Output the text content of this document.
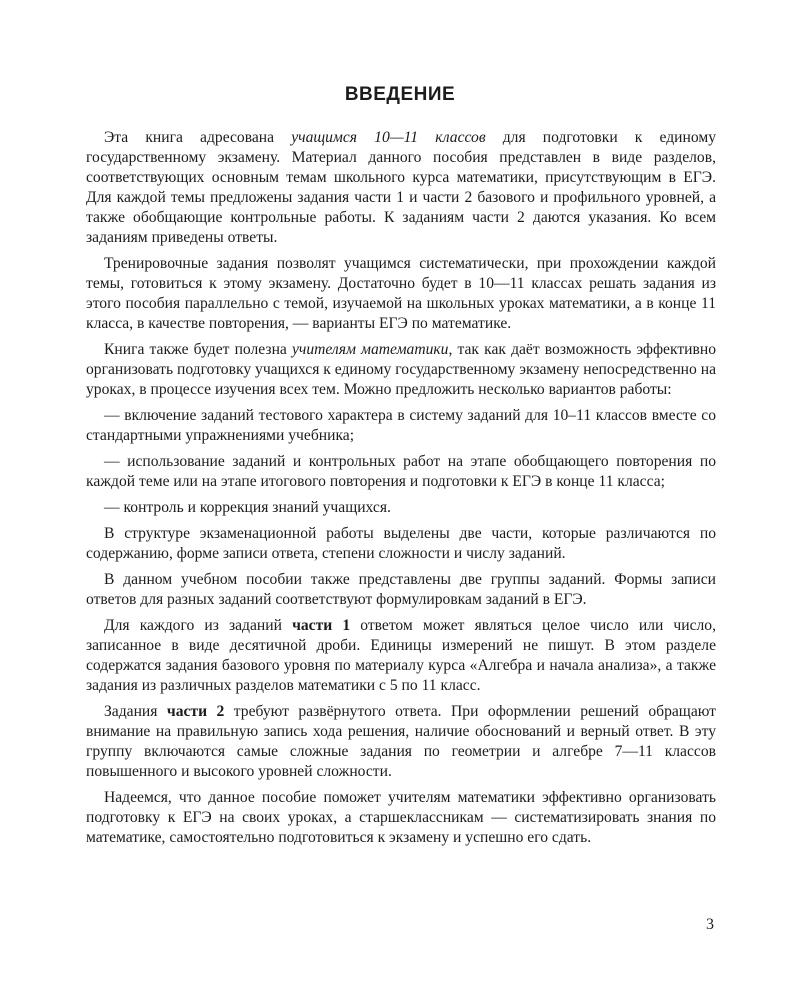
ВВЕДЕНИЕ

Эта книга адресована учащимся 10—11 классов для подготовки к единому государственному экзамену. Материал данного пособия представлен в виде разделов, соответствующих основным темам школьного курса математики, присутствующим в ЕГЭ. Для каждой темы предложены задания части 1 и части 2 базового и профильного уровней, а также обобщающие контрольные работы. К заданиям части 2 даются указания. Ко всем заданиям приведены ответы.

Тренировочные задания позволят учащимся систематически, при прохождении каждой темы, готовиться к этому экзамену. Достаточно будет в 10—11 классах решать задания из этого пособия параллельно с темой, изучаемой на школьных уроках математики, а в конце 11 класса, в качестве повторения, — варианты ЕГЭ по математике.

Книга также будет полезна учителям математики, так как даёт возможность эффективно организовать подготовку учащихся к единому государственному экзамену непосредственно на уроках, в процессе изучения всех тем. Можно предложить несколько вариантов работы:

— включение заданий тестового характера в систему заданий для 10–11 классов вместе со стандартными упражнениями учебника;

— использование заданий и контрольных работ на этапе обобщающего повторения по каждой теме или на этапе итогового повторения и подготовки к ЕГЭ в конце 11 класса;

— контроль и коррекция знаний учащихся.

В структуре экзаменационной работы выделены две части, которые различаются по содержанию, форме записи ответа, степени сложности и числу заданий.

В данном учебном пособии также представлены две группы заданий. Формы записи ответов для разных заданий соответствуют формулировкам заданий в ЕГЭ.

Для каждого из заданий части 1 ответом может являться целое число или число, записанное в виде десятичной дроби. Единицы измерений не пишут. В этом разделе содержатся задания базового уровня по материалу курса «Алгебра и начала анализа», а также задания из различных разделов математики с 5 по 11 класс.

Задания части 2 требуют развёрнутого ответа. При оформлении решений обращают внимание на правильную запись хода решения, наличие обоснований и верный ответ. В эту группу включаются самые сложные задания по геометрии и алгебре 7—11 классов повышенного и высокого уровней сложности.

Надеемся, что данное пособие поможет учителям математики эффективно организовать подготовку к ЕГЭ на своих уроках, а старшеклассникам — систематизировать знания по математике, самостоятельно подготовиться к экзамену и успешно его сдать.

3
